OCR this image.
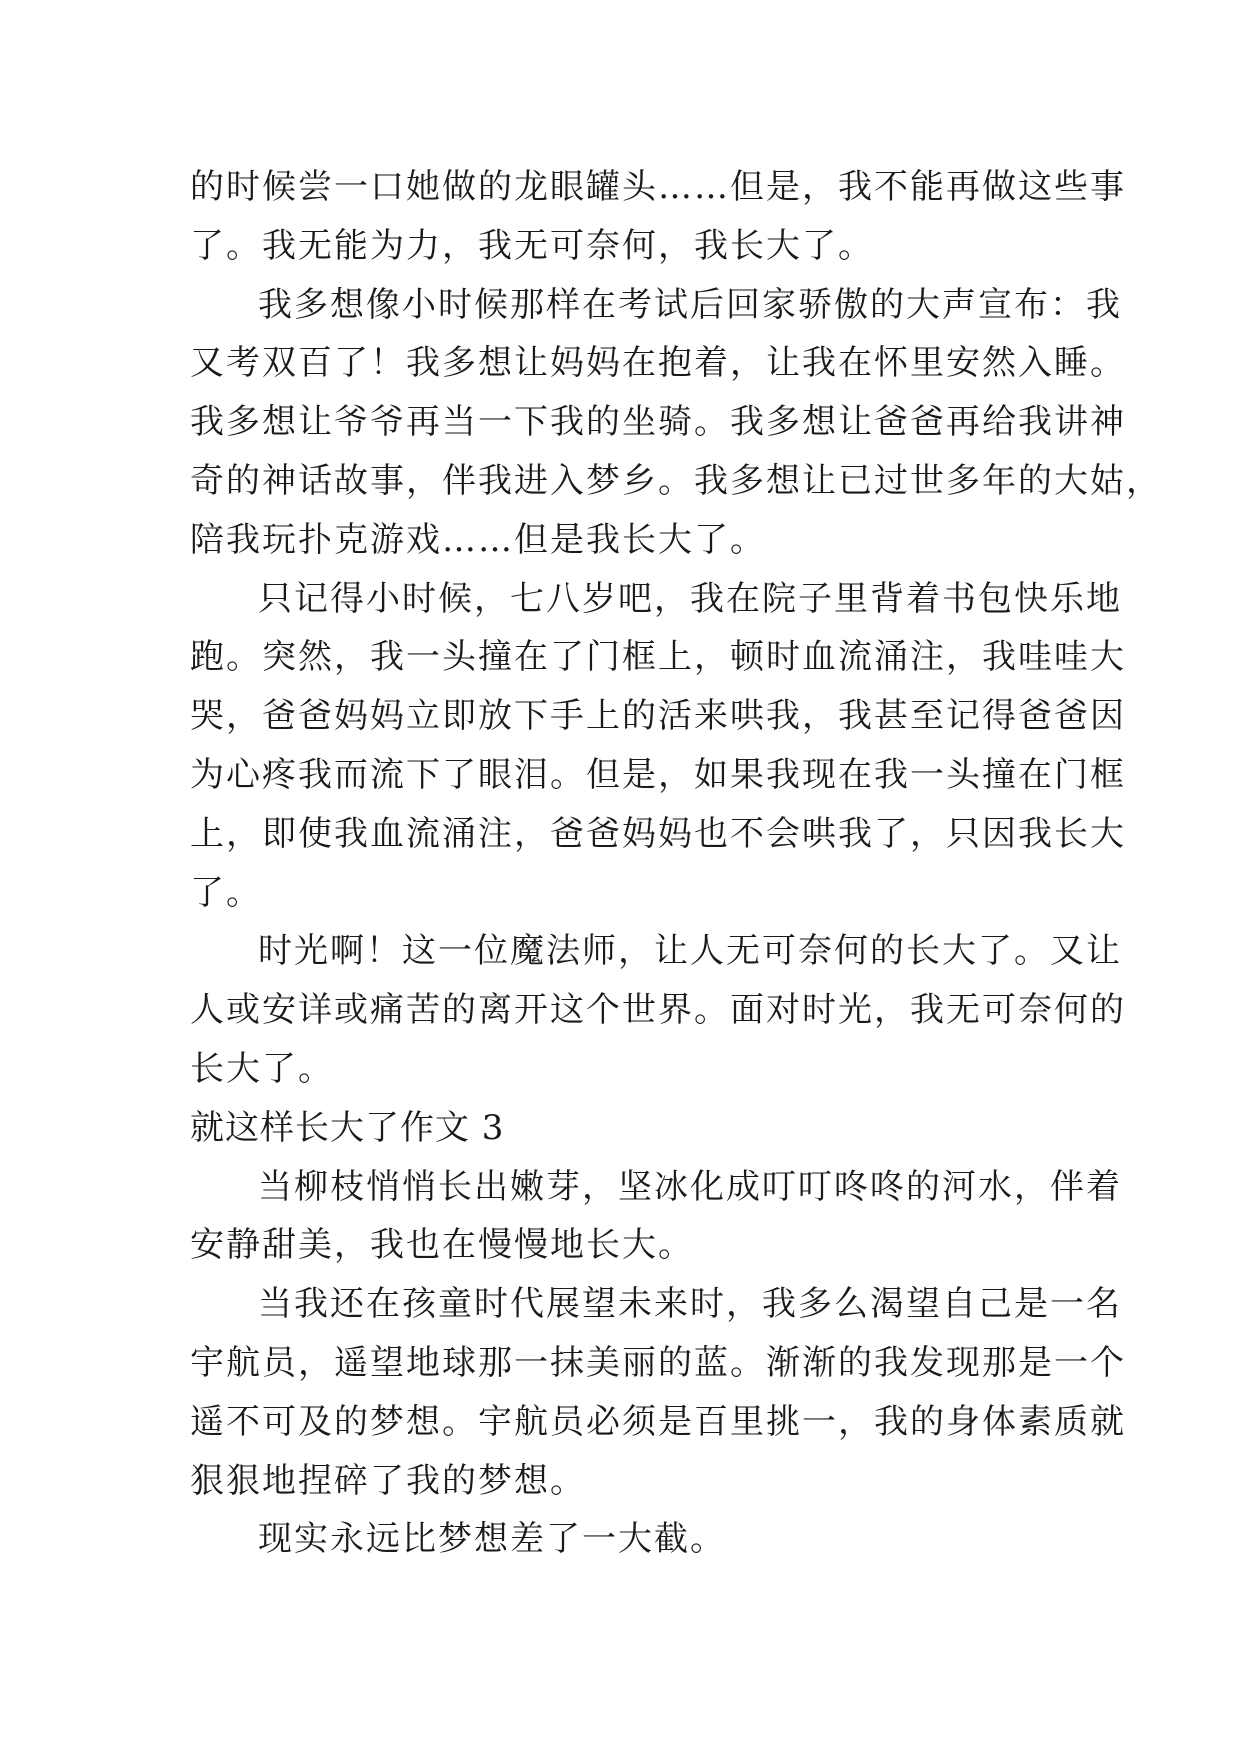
的时候尝一口她做的龙眼罐头……但是，我不能再做这些事
了。我无能为力，我无可奈何，我长大了。
我多想像小时候那样在考试后回家骄傲的大声宣布：我
又考双百了！我多想让妈妈在抱着，让我在怀里安然入睡。
我多想让爷爷再当一下我的坐骑。我多想让爸爸再给我讲神
奇的神话故事，伴我进入梦乡。我多想让已过世多年的大姑，
陪我玩扑克游戏……但是我长大了。
只记得小时候，七八岁吧，我在院子里背着书包快乐地
跑。突然，我一头撞在了门框上，顿时血流涌注，我哇哇大
哭，爸爸妈妈立即放下手上的活来哄我，我甚至记得爸爸因
为心疼我而流下了眼泪。但是，如果我现在我一头撞在门框
上，即使我血流涌注，爸爸妈妈也不会哄我了，只因我长大
了。
时光啊！这一位魔法师，让人无可奈何的长大了。又让
人或安详或痛苦的离开这个世界。面对时光，我无可奈何的
长大了。
就这样长大了作文 3
当柳枝悄悄长出嫩芽，坚冰化成叮叮咚咚的河水，伴着
安静甜美，我也在慢慢地长大。
当我还在孩童时代展望未来时，我多么渴望自己是一名
宇航员，遥望地球那一抹美丽的蓝。渐渐的我发现那是一个
遥不可及的梦想。宇航员必须是百里挑一，我的身体素质就
狠狠地捏碎了我的梦想。
现实永远比梦想差了一大截。
